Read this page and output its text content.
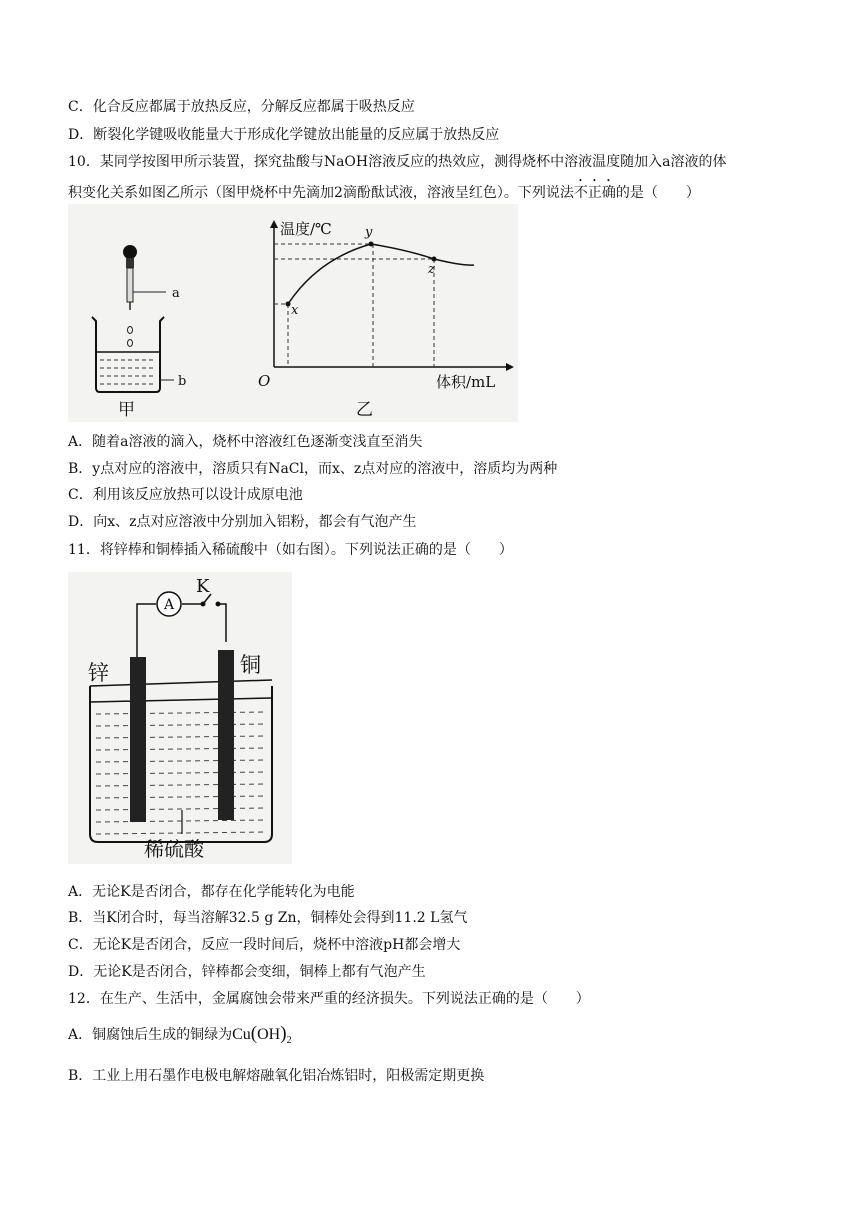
C．化合反应都属于放热反应，分解反应都属于吸热反应
D．断裂化学键吸收能量大于形成化学键放出能量的反应属于放热反应
10．某同学按图甲所示装置，探究盐酸与NaOH溶液反应的热效应，测得烧杯中溶液温度随加入a溶液的体
积变化关系如图乙所示（图甲烧杯中先滴加2滴酚酞试液，溶液呈红色）。下列说法不正确的是（　　）
a
b
甲
x
y
z
温度/℃
体积/mL
O
乙
A．随着a溶液的滴入，烧杯中溶液红色逐渐变浅直至消失
B．y点对应的溶液中，溶质只有NaCl，而x、z点对应的溶液中，溶质均为两种
C．利用该反应放热可以设计成原电池
D．向x、z点对应溶液中分别加入铝粉，都会有气泡产生
11．将锌棒和铜棒插入稀硫酸中（如右图）。下列说法正确的是（　　）
A
K
锌	铜
稀硫酸
A．无论K是否闭合，都存在化学能转化为电能
B．当K闭合时，每当溶解32.5 g Zn，铜棒处会得到11.2 L氢气
C．无论K是否闭合，反应一段时间后，烧杯中溶液pH都会增大
D．无论K是否闭合，锌棒都会变细，铜棒上都有气泡产生
12．在生产、生活中，金属腐蚀会带来严重的经济损失。下列说法正确的是（　　）
A．铜腐蚀后生成的铜绿为$Cu(OH)_2$
B．工业上用石墨作电极电解熔融氧化铝冶炼铝时，阳极需定期更换
